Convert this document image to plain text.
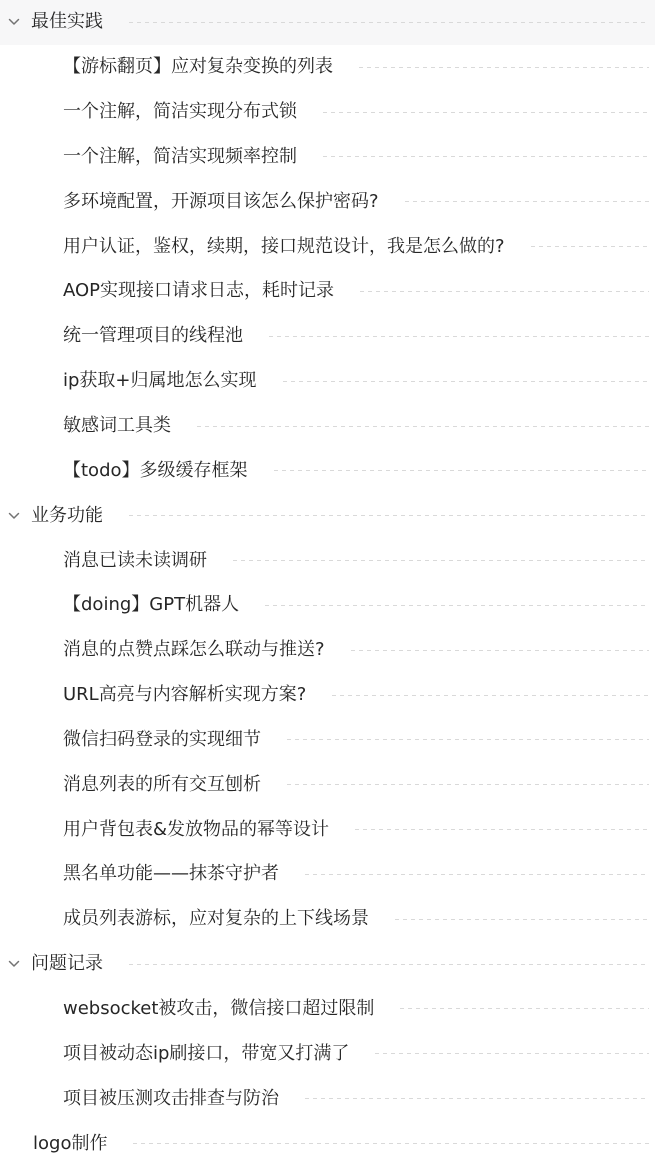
最佳实践
【游标翻页】应对复杂变换的列表
一个注解，简洁实现分布式锁
一个注解，简洁实现频率控制
多环境配置，开源项目该怎么保护密码?
用户认证，鉴权，续期，接口规范设计，我是怎么做的?
AOP实现接口请求日志，耗时记录
统一管理项目的线程池
ip获取+归属地怎么实现
敏感词工具类
【todo】多级缓存框架
业务功能
消息已读未读调研
【doing】GPT机器人
消息的点赞点踩怎么联动与推送?
URL高亮与内容解析实现方案?
微信扫码登录的实现细节
消息列表的所有交互刨析
用户背包表&发放物品的幂等设计
黑名单功能——抹茶守护者
成员列表游标，应对复杂的上下线场景
问题记录
websocket被攻击，微信接口超过限制
项目被动态ip刷接口，带宽又打满了
项目被压测攻击排查与防治
logo制作
